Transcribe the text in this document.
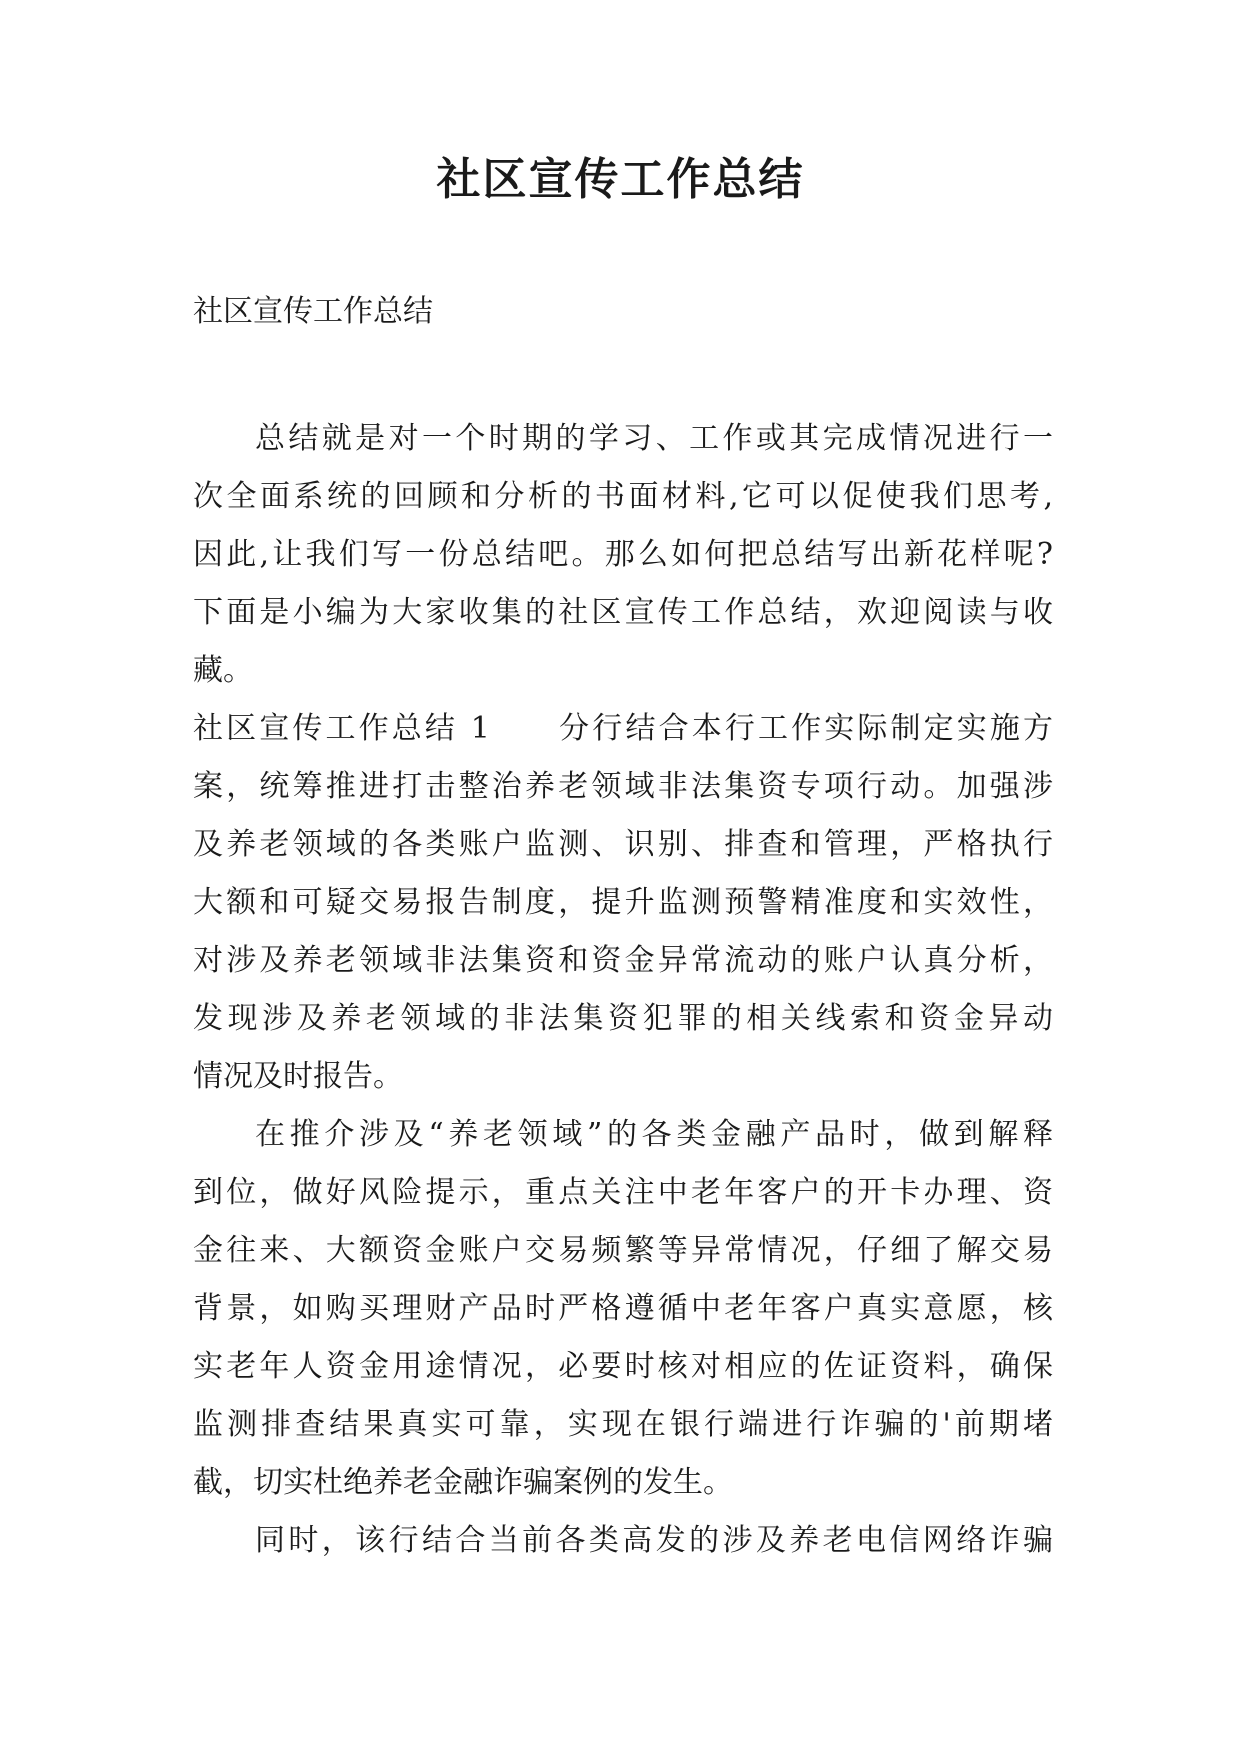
社区宣传工作总结

社区宣传工作总结

总结就是对一个时期的学习、工作或其完成情况进行一
次全面系统的回顾和分析的书面材料,它可以促使我们思考,
因此,让我们写一份总结吧。那么如何把总结写出新花样呢?
下面是小编为大家收集的社区宣传工作总结，欢迎阅读与收
藏。
社区宣传工作总结 1　　分行结合本行工作实际制定实施方
案，统筹推进打击整治养老领域非法集资专项行动。加强涉
及养老领域的各类账户监测、识别、排查和管理，严格执行
大额和可疑交易报告制度，提升监测预警精准度和实效性，
对涉及养老领域非法集资和资金异常流动的账户认真分析，
发现涉及养老领域的非法集资犯罪的相关线索和资金异动
情况及时报告。
在推介涉及“养老领域”的各类金融产品时，做到解释
到位，做好风险提示，重点关注中老年客户的开卡办理、资
金往来、大额资金账户交易频繁等异常情况，仔细了解交易
背景，如购买理财产品时严格遵循中老年客户真实意愿，核
实老年人资金用途情况，必要时核对相应的佐证资料，确保
监测排查结果真实可靠，实现在银行端进行诈骗的'前期堵
截，切实杜绝养老金融诈骗案例的发生。
同时，该行结合当前各类高发的涉及养老电信网络诈骗
